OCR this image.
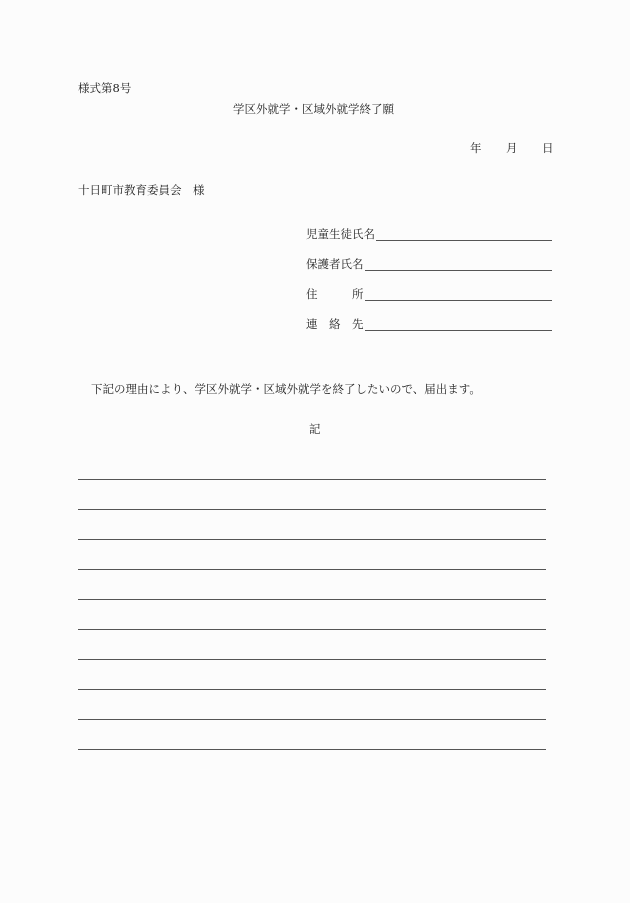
様式第8号
学区外就学・区域外就学終了願
年 月 日
十日町市教育委員会　様
児童生徒氏名
保護者氏名
住　　　所
連　絡　先
下記の理由により、学区外就学・区域外就学を終了したいので、届出ます。
記
